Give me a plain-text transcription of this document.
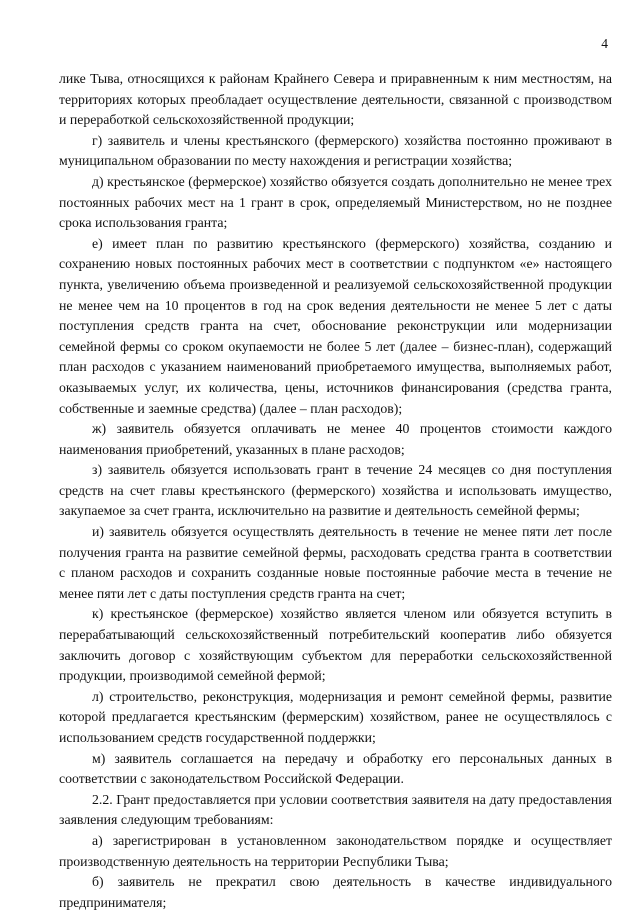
4

лике Тыва, относящихся к районам Крайнего Севера и приравненным к ним местностям, на территориях которых преобладает осуществление деятельности, связанной с производством и переработкой сельскохозяйственной продукции;

г) заявитель и члены крестьянского (фермерского) хозяйства постоянно проживают в муниципальном образовании по месту нахождения и регистрации хозяйства;

д) крестьянское (фермерское) хозяйство обязуется создать дополнительно не менее трех постоянных рабочих мест на 1 грант в срок, определяемый Министерством, но не позднее срока использования гранта;

е) имеет план по развитию крестьянского (фермерского) хозяйства, созданию и сохранению новых постоянных рабочих мест в соответствии с подпунктом «е» настоящего пункта, увеличению объема произведенной и реализуемой сельскохозяйственной продукции не менее чем на 10 процентов в год на срок ведения деятельности не менее 5 лет с даты поступления средств гранта на счет, обоснование реконструкции или модернизации семейной фермы со сроком окупаемости не более 5 лет (далее – бизнес-план), содержащий план расходов с указанием наименований приобретаемого имущества, выполняемых работ, оказываемых услуг, их количества, цены, источников финансирования (средства гранта, собственные и заемные средства) (далее – план расходов);

ж) заявитель обязуется оплачивать не менее 40 процентов стоимости каждого наименования приобретений, указанных в плане расходов;

з) заявитель обязуется использовать грант в течение 24 месяцев со дня поступления средств на счет главы крестьянского (фермерского) хозяйства и использовать имущество, закупаемое за счет гранта, исключительно на развитие и деятельность семейной фермы;

и) заявитель обязуется осуществлять деятельность в течение не менее пяти лет после получения гранта на развитие семейной фермы, расходовать средства гранта в соответствии с планом расходов и сохранить созданные новые постоянные рабочие места в течение не менее пяти лет с даты поступления средств гранта на счет;

к) крестьянское (фермерское) хозяйство является членом или обязуется вступить в перерабатывающий сельскохозяйственный потребительский кооператив либо обязуется заключить договор с хозяйствующим субъектом для переработки сельскохозяйственной продукции, производимой семейной фермой;

л) строительство, реконструкция, модернизация и ремонт семейной фермы, развитие которой предлагается крестьянским (фермерским) хозяйством, ранее не осуществлялось с использованием средств государственной поддержки;

м) заявитель соглашается на передачу и обработку его персональных данных в соответствии с законодательством Российской Федерации.

2.2. Грант предоставляется при условии соответствия заявителя на дату предоставления заявления следующим требованиям:

а) зарегистрирован в установленном законодательством порядке и осуществляет производственную деятельность на территории Республики Тыва;

б) заявитель не прекратил свою деятельность в качестве индивидуального предпринимателя;
